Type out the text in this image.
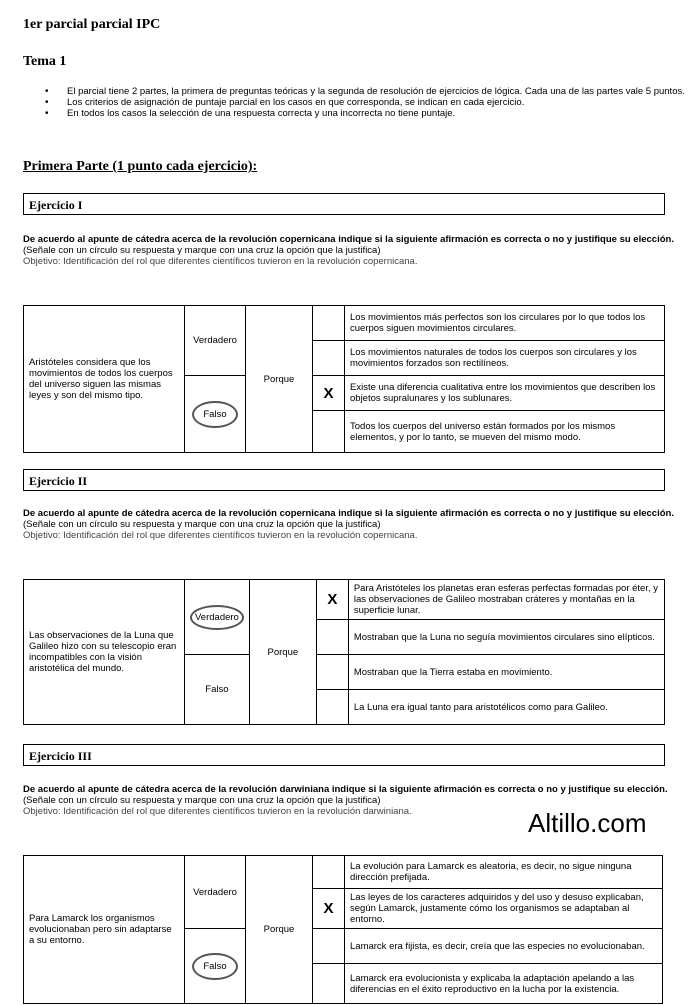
1er parcial parcial IPC
Tema 1
• El parcial tiene 2 partes, la primera de preguntas teóricas y la segunda de resolución de ejercicios de lógica. Cada una de las partes vale 5 puntos.
• Los criterios de asignación de puntaje parcial en los casos en que corresponda, se indican en cada ejercicio.
• En todos los casos la selección de una respuesta correcta y una incorrecta no tiene puntaje.
Primera Parte (1 punto cada ejercicio):
Ejercicio I
De acuerdo al apunte de cátedra acerca de la revolución copernicana indique si la siguiente afirmación es correcta o no y justifique su elección.
(Señale con un círculo su respuesta y marque con una cruz la opción que la justifica)
Objetivo: Identificación del rol que diferentes científicos tuvieron en la revolución copernicana.
Aristóteles considera que los movimientos de todos los cuerpos del universo siguen las mismas leyes y son del mismo tipo.	Verdadero	Porque		Los movimientos más perfectos son los circulares por lo que todos los cuerpos siguen movimientos circulares.
				Los movimientos naturales de todos los cuerpos son circulares y los movimientos forzados son rectilíneos.
	Falso		X	Existe una diferencia cualitativa entre los movimientos que describen los objetos supralunares y los sublunares.
				Todos los cuerpos del universo están formados por los mismos elementos, y por lo tanto, se mueven del mismo modo.
Ejercicio II
De acuerdo al apunte de cátedra acerca de la revolución copernicana indique si la siguiente afirmación es correcta o no y justifique su elección.
(Señale con un círculo su respuesta y marque con una cruz la opción que la justifica)
Objetivo: Identificación del rol que diferentes científicos tuvieron en la revolución copernicana.
Las observaciones de la Luna que Galileo hizo con su telescopio eran incompatibles con la visión aristotélica del mundo.	Verdadero	Porque	X	Para Aristóteles los planetas eran esferas perfectas formadas por éter, y las observaciones de Galileo mostraban cráteres y montañas en la superficie lunar.
				Mostraban que la Luna no seguía movimientos circulares sino elípticos.
	Falso			Mostraban que la Tierra estaba en movimiento.
				La Luna era igual tanto para aristotélicos como para Galileo.
Ejercicio III
De acuerdo al apunte de cátedra acerca de la revolución darwiniana indique si la siguiente afirmación es correcta o no y justifique su elección.
(Señale con un círculo su respuesta y marque con una cruz la opción que la justifica)
Objetivo: Identificación del rol que diferentes científicos tuvieron en la revolución darwiniana.	Altillo.com
Para Lamarck los organismos evolucionaban pero sin adaptarse a su entorno.	Verdadero	Porque		La evolución para Lamarck es aleatoria, es decir, no sigue ninguna dirección prefijada.
			X	Las leyes de los caracteres adquiridos y del uso y desuso explicaban, según Lamarck, justamente cómo los organismos se adaptaban al entorno.
	Falso			Lamarck era fijista, es decir, creía que las especies no evolucionaban.
				Lamarck era evolucionista y explicaba la adaptación apelando a las diferencias en el éxito reproductivo en la lucha por la existencia.
